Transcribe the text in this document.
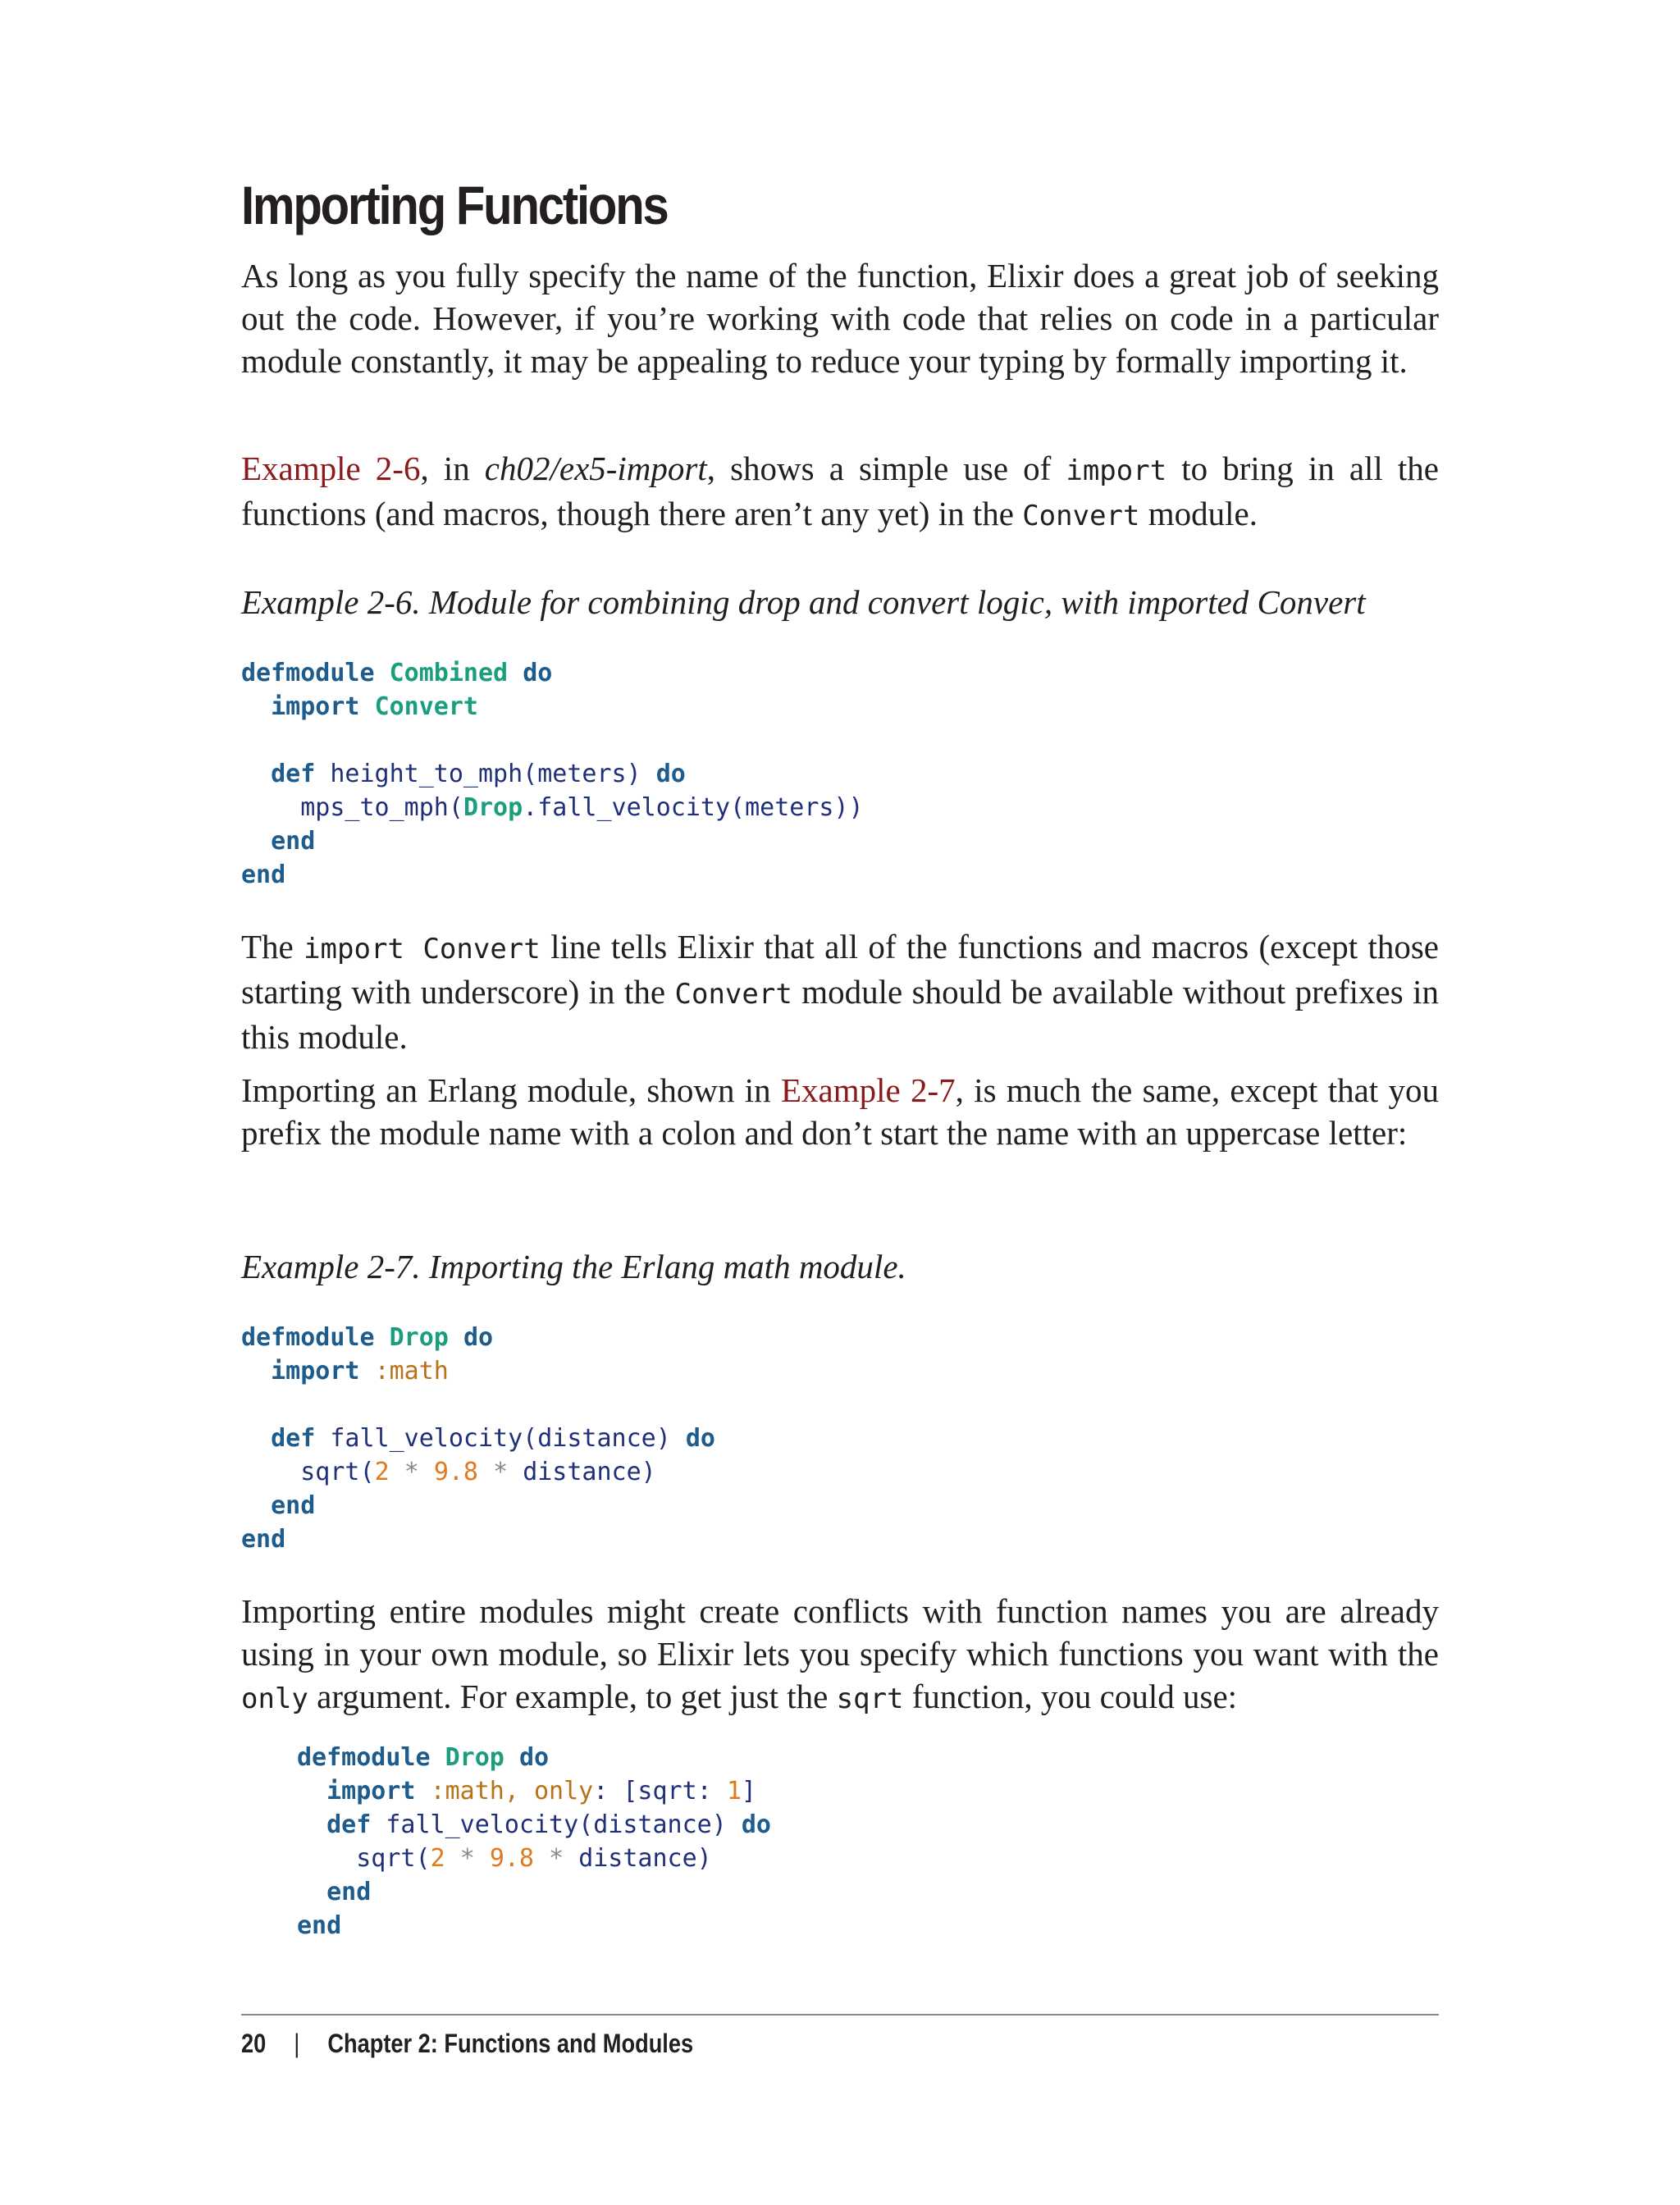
Importing Functions

As long as you fully specify the name of the function, Elixir does a great job of seeking out the code. However, if you’re working with code that relies on code in a particular module constantly, it may be appealing to reduce your typing by formally importing it.

Example 2-6, in ch02/ex5-import, shows a simple use of import to bring in all the functions (and macros, though there aren’t any yet) in the Convert module.

Example 2-6. Module for combining drop and convert logic, with imported Convert

defmodule Combined do
import Convert

def height_to_mph(meters) do
mps_to_mph(Drop.fall_velocity(meters))
end
end

The import Convert line tells Elixir that all of the functions and macros (except those starting with underscore) in the Convert module should be available without prefixes in this module.

Importing an Erlang module, shown in Example 2-7, is much the same, except that you prefix the module name with a colon and don’t start the name with an uppercase letter:

Example 2-7. Importing the Erlang math module.

defmodule Drop do
import :math

def fall_velocity(distance) do
sqrt(2 * 9.8 * distance)
end
end

Importing entire modules might create conflicts with function names you are already using in your own module, so Elixir lets you specify which functions you want with the only argument. For example, to get just the sqrt function, you could use:

defmodule Drop do
import :math, only: [sqrt: 1]
def fall_velocity(distance) do
sqrt(2 * 9.8 * distance)
end
end
20 | Chapter 2: Functions and Modules
